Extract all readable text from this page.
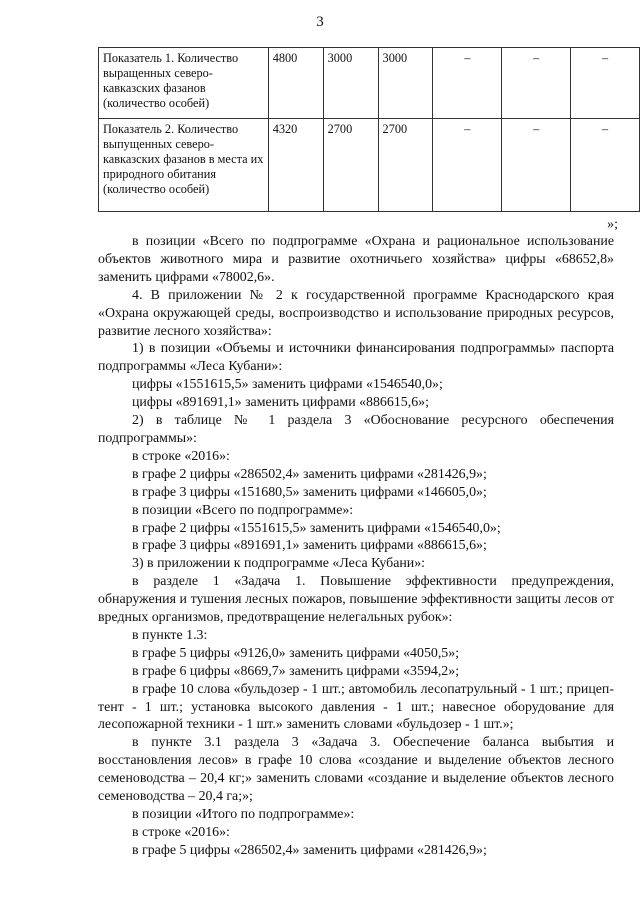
3
Показатель 1. Количество выращенных северо-кавказских фазанов (количество особей)	4800	3000	3000	–	–	–
Показатель 2. Количество выпущенных северо-кавказских фазанов в места их природного обитания (количество особей)	4320	2700	2700	–	–	–
»;

в позиции «Всего по подпрограмме «Охрана и рациональное использование объектов животного мира и развитие охотничьего хозяйства» цифры «68652,8» заменить цифрами «78002,6».

4. В приложении № 2 к государственной программе Краснодарского края «Охрана окружающей среды, воспроизводство и использование природных ресурсов, развитие лесного хозяйства»:

1) в позиции «Объемы и источники финансирования подпрограммы» паспорта подпрограммы «Леса Кубани»:

цифры «1551615,5» заменить цифрами «1546540,0»;

цифры «891691,1» заменить цифрами «886615,6»;

2) в таблице № 1 раздела 3 «Обоснование ресурсного обеспечения подпрограммы»:

в строке «2016»:

в графе 2 цифры «286502,4» заменить цифрами «281426,9»;

в графе 3 цифры «151680,5» заменить цифрами «146605,0»;

в позиции «Всего по подпрограмме»:

в графе 2 цифры «1551615,5» заменить цифрами «1546540,0»;

в графе 3 цифры «891691,1» заменить цифрами «886615,6»;

3) в приложении к подпрограмме «Леса Кубани»:

в разделе 1 «Задача 1. Повышение эффективности предупреждения, обнаружения и тушения лесных пожаров, повышение эффективности защиты лесов от вредных организмов, предотвращение нелегальных рубок»:

в пункте 1.3:

в графе 5 цифры «9126,0» заменить цифрами «4050,5»;

в графе 6 цифры «8669,7» заменить цифрами «3594,2»;

в графе 10 слова «бульдозер - 1 шт.; автомобиль лесопатрульный - 1 шт.; прицеп-тент - 1 шт.; установка высокого давления - 1 шт.; навесное оборудование для лесопожарной техники - 1 шт.» заменить словами «бульдозер - 1 шт.»;

в пункте 3.1 раздела 3 «Задача 3. Обеспечение баланса выбытия и восстановления лесов» в графе 10 слова «создание и выделение объектов лесного семеноводства – 20,4 кг;» заменить словами «создание и выделение объектов лесного семеноводства – 20,4 га;»;

в позиции «Итого по подпрограмме»:

в строке «2016»:

в графе 5 цифры «286502,4» заменить цифрами «281426,9»;
